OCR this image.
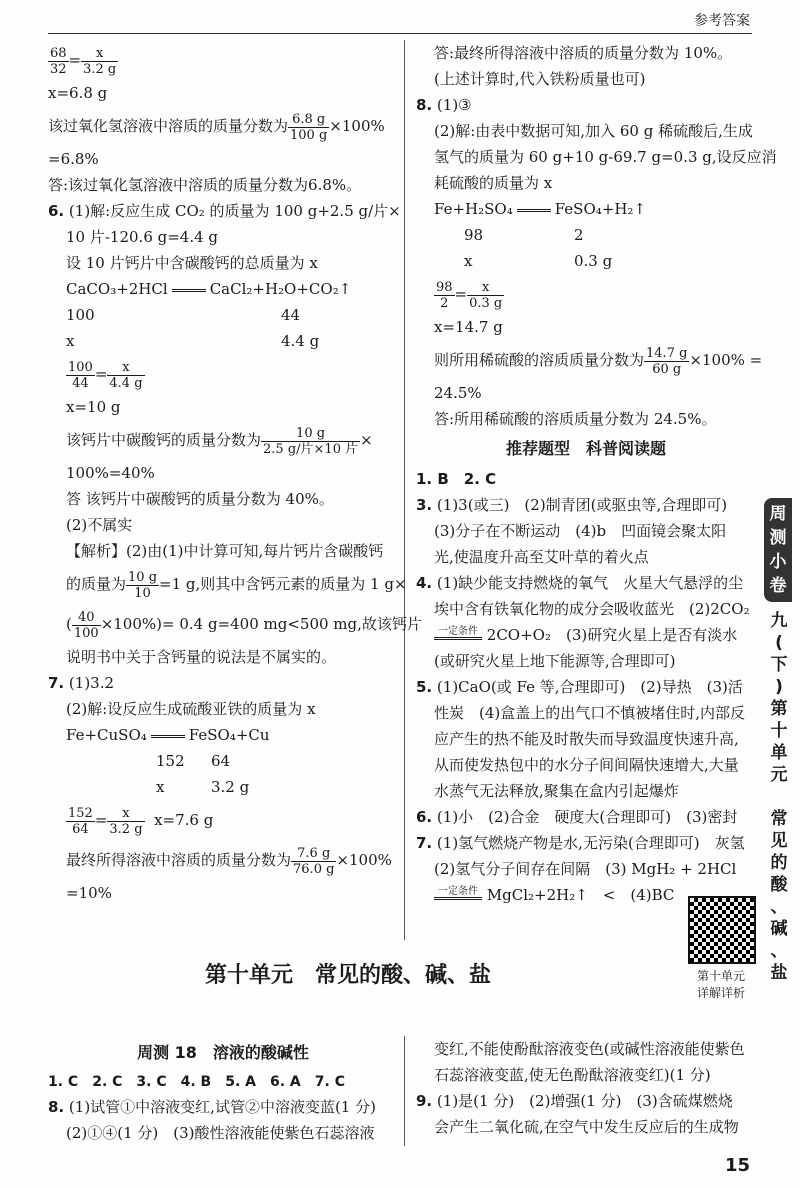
参考答案
$\frac{68}{32} = \frac{x}{3.2 g}$
x=6.8 g
该过氧化氢溶液中溶质的质量分数为 $\frac{6.8 g}{100 g} \times 100\%$
=6.8%
答:该过氧化氢溶液中溶质的质量分数为6.8%。
6. (1)解:反应生成 CO₂ 的质量为 100 g+2.5 g/片×
10 片-120.6 g=4.4 g
设 10 片钙片中含碳酸钙的总质量为 x
CaCO₃+2HCl	CaCl₂+H₂O+CO₂↑
100	44
x	4.4 g
$\frac{100}{44} = \frac{x}{4.4 g}$
x=10 g
该钙片中碳酸钙的质量分数为 $\frac{10 g}{\text{2.5 g/片×10 片}}$ ×
100%=40%
答 该钙片中碳酸钙的质量分数为 40%。
(2)不属实
【解析】(2)由(1)中计算可知,每片钙片含碳酸钙
的质量为 $\frac{10 g}{10} =1$ g,则其中含钙元素的质量为 1 g×
( $\frac{40}{100} \times 100\%)= 0.4$ g=400 mg<500 mg,故该钙片
说明书中关于含钙量的说法是不属实的。
7. (1)3.2
(2)解:设反应生成硫酸亚铁的质量为 x
Fe+CuSO₄	FeSO₄+Cu
152 64
x	3.2 g
$\frac{152}{64} = \frac{x}{3.2 g} x=7.6$ g
最终所得溶液中溶质的质量分数为 $\frac{7.6 g}{76.0 g} \times 100\%$
=10%
答:最终所得溶液中溶质的质量分数为 10%。
(上述计算时,代入铁粉质量也可)
8. (1)③
(2)解:由表中数据可知,加入 60 g 稀硫酸后,生成
氢气的质量为 60 g+10 g-69.7 g=0.3 g,设反应消
耗硫酸的质量为 x
Fe+H₂SO₄	FeSO₄+H₂↑
98	2
x	0.3 g
$\frac{98}{2} = \frac{x}{0.3 g}$
x=14.7 g
则所用稀硫酸的溶质质量分数为 $\frac{14.7 g}{60 g} \times 100\%$ =
24.5%
答:所用稀硫酸的溶质质量分数为 24.5%。
推荐题型　科普阅读题
1. B　2. C
3. (1)3(或三)　(2)制青团(或驱虫等,合理即可)
(3)分子在不断运动　(4)b　凹面镜会聚太阳
光,使温度升高至艾叶草的着火点
4. (1)缺少能支持燃烧的氧气　火星大气悬浮的尘
埃中含有铁氧化物的成分会吸收蓝光　(2)2CO₂
一定条件 2CO+O₂　(3)研究火星上是否有淡水
(或研究火星上地下能源等,合理即可)
5. (1)CaO(或 Fe 等,合理即可)　(2)导热　(3)活
性炭　(4)盒盖上的出气口不慎被堵住时,内部反
应产生的热不能及时散失而导致温度快速升高,
从而使发热包中的水分子间间隔快速增大,大量
水蒸气无法释放,聚集在盒内引起爆炸
6. (1)小　(2)合金　硬度大(合理即可)　(3)密封
7. (1)氢气燃烧产物是水,无污染(合理即可)　灰氢
(2)氢气分子间存在间隔　(3) MgH₂ + 2HCl
一定条件 MgCl₂+2H₂↑　<　(4)BC
第十单元
详解详析
第十单元　常见的酸、碱、盐
周测
小卷
九
(
下
)
第
十
单
元

常
见
的
酸
、
碱
、
盐
周测 18　溶液的酸碱性
1. C　2. C　3. C　4. B　5. A　6. A　7. C
8. (1)试管①中溶液变红,试管②中溶液变蓝(1 分)
(2)①④(1 分)　(3)酸性溶液能使紫色石蕊溶液
变红,不能使酚酞溶液变色(或碱性溶液能使紫色
石蕊溶液变蓝,使无色酚酞溶液变红)(1 分)
9. (1)是(1 分)　(2)增强(1 分)　(3)含硫煤燃烧
会产生二氧化硫,在空气中发生反应后的生成物
15
